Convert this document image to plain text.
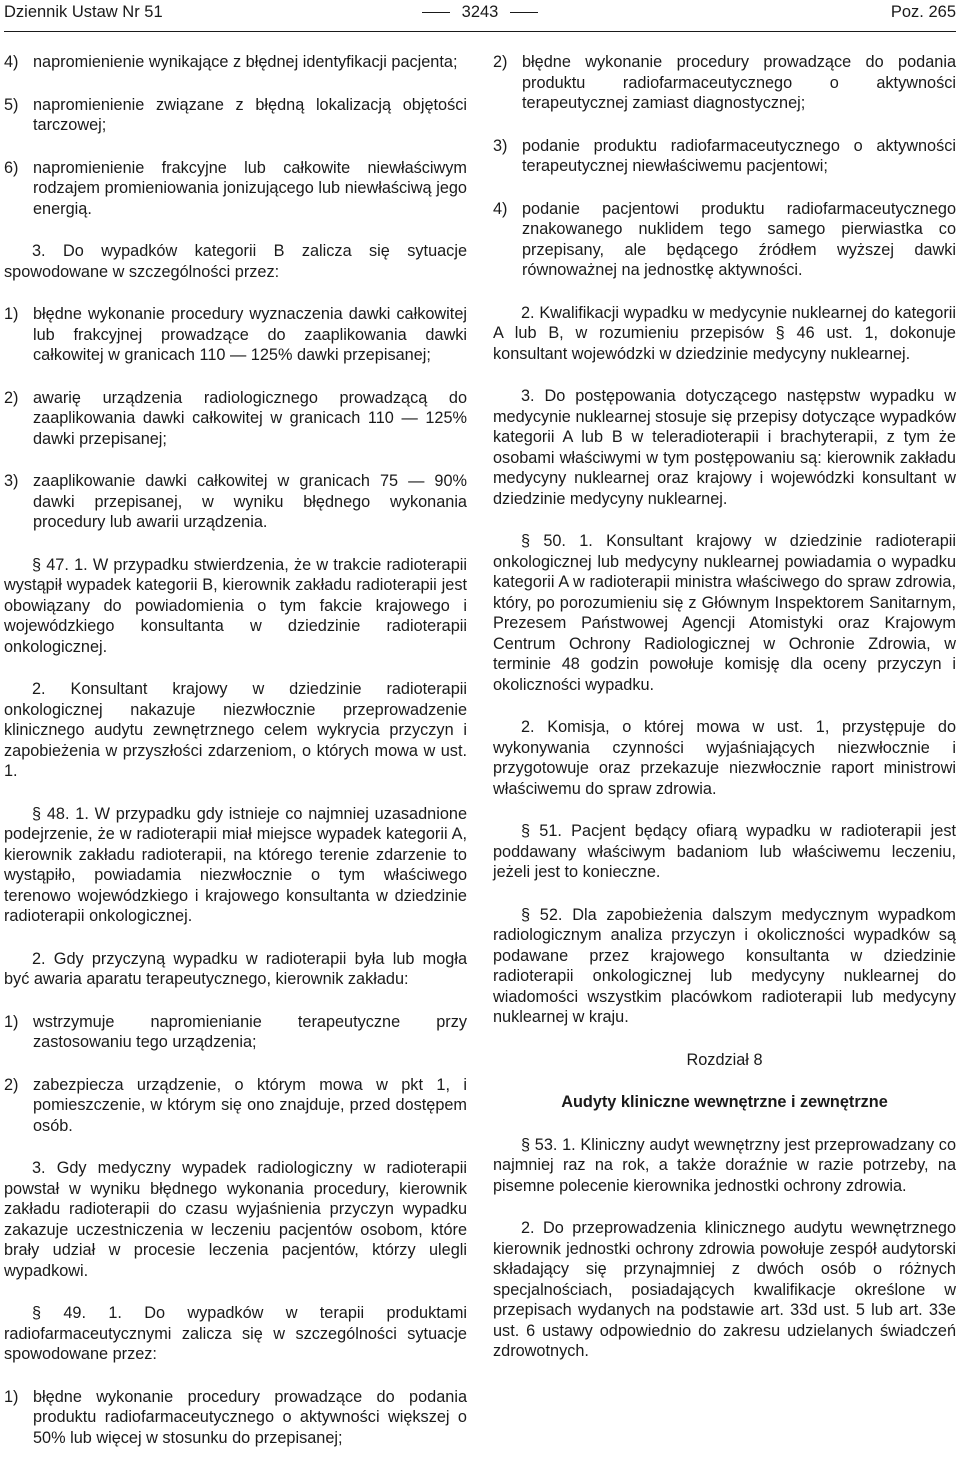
Dziennik Ustaw Nr 51	3243	Poz. 265
4) napromienienie wynikające z błędnej identyfikacji pacjenta;
5) napromienienie związane z błędną lokalizacją objętości tarczowej;
6) napromienienie frakcyjne lub całkowite niewłaściwym rodzajem promieniowania jonizującego lub niewłaściwą jego energią.

3. Do wypadków kategorii B zalicza się sytuacje spowodowane w szczególności przez:

1) błędne wykonanie procedury wyznaczenia dawki całkowitej lub frakcyjnej prowadzące do zaaplikowania dawki całkowitej w granicach 110 — 125% dawki przepisanej;
2) awarię urządzenia radiologicznego prowadzącą do zaaplikowania dawki całkowitej w granicach 110 — 125% dawki przepisanej;
3) zaaplikowanie dawki całkowitej w granicach 75 — 90% dawki przepisanej, w wyniku błędnego wykonania procedury lub awarii urządzenia.

§ 47. 1. W przypadku stwierdzenia, że w trakcie radioterapii wystąpił wypadek kategorii B, kierownik zakładu radioterapii jest obowiązany do powiadomienia o tym fakcie krajowego i wojewódzkiego konsultanta w dziedzinie radioterapii onkologicznej.

2. Konsultant krajowy w dziedzinie radioterapii onkologicznej nakazuje niezwłocznie przeprowadzenie klinicznego audytu zewnętrznego celem wykrycia przyczyn i zapobieżenia w przyszłości zdarzeniom, o których mowa w ust. 1.

§ 48. 1. W przypadku gdy istnieje co najmniej uzasadnione podejrzenie, że w radioterapii miał miejsce wypadek kategorii A, kierownik zakładu radioterapii, na którego terenie zdarzenie to wystąpiło, powiadamia niezwłocznie o tym właściwego terenowo wojewódzkiego i krajowego konsultanta w dziedzinie radioterapii onkologicznej.

2. Gdy przyczyną wypadku w radioterapii była lub mogła być awaria aparatu terapeutycznego, kierownik zakładu:

1) wstrzymuje napromienianie terapeutyczne przy zastosowaniu tego urządzenia;
2) zabezpiecza urządzenie, o którym mowa w pkt 1, i pomieszczenie, w którym się ono znajduje, przed dostępem osób.

3. Gdy medyczny wypadek radiologiczny w radioterapii powstał w wyniku błędnego wykonania procedury, kierownik zakładu radioterapii do czasu wyjaśnienia przyczyn wypadku zakazuje uczestniczenia w leczeniu pacjentów osobom, które brały udział w procesie leczenia pacjentów, którzy ulegli wypadkowi.

§ 49. 1. Do wypadków w terapii produktami radiofarmaceutycznymi zalicza się w szczególności sytuacje spowodowane przez:

1) błędne wykonanie procedury prowadzące do podania produktu radiofarmaceutycznego o aktywności większej o 50% lub więcej w stosunku do przepisanej;
2) błędne wykonanie procedury prowadzące do podania produktu radiofarmaceutycznego o aktywności terapeutycznej zamiast diagnostycznej;
3) podanie produktu radiofarmaceutycznego o aktywności terapeutycznej niewłaściwemu pacjentowi;
4) podanie pacjentowi produktu radiofarmaceutycznego znakowanego nuklidem tego samego pierwiastka co przepisany, ale będącego źródłem wyższej dawki równoważnej na jednostkę aktywności.

2. Kwalifikacji wypadku w medycynie nuklearnej do kategorii A lub B, w rozumieniu przepisów § 46 ust. 1, dokonuje konsultant wojewódzki w dziedzinie medycyny nuklearnej.

3. Do postępowania dotyczącego następstw wypadku w medycynie nuklearnej stosuje się przepisy dotyczące wypadków kategorii A lub B w teleradioterapii i brachyterapii, z tym że osobami właściwymi w tym postępowaniu są: kierownik zakładu medycyny nuklearnej oraz krajowy i wojewódzki konsultant w dziedzinie medycyny nuklearnej.

§ 50. 1. Konsultant krajowy w dziedzinie radioterapii onkologicznej lub medycyny nuklearnej powiadamia o wypadku kategorii A w radioterapii ministra właściwego do spraw zdrowia, który, po porozumieniu się z Głównym Inspektorem Sanitarnym, Prezesem Państwowej Agencji Atomistyki oraz Krajowym Centrum Ochrony Radiologicznej w Ochronie Zdrowia, w terminie 48 godzin powołuje komisję dla oceny przyczyn i okoliczności wypadku.

2. Komisja, o której mowa w ust. 1, przystępuje do wykonywania czynności wyjaśniających niezwłocznie i przygotowuje oraz przekazuje niezwłocznie raport ministrowi właściwemu do spraw zdrowia.

§ 51. Pacjent będący ofiarą wypadku w radioterapii jest poddawany właściwym badaniom lub właściwemu leczeniu, jeżeli jest to konieczne.

§ 52. Dla zapobieżenia dalszym medycznym wypadkom radiologicznym analiza przyczyn i okoliczności wypadków są podawane przez krajowego konsultanta w dziedzinie radioterapii onkologicznej lub medycyny nuklearnej do wiadomości wszystkim placówkom radioterapii lub medycyny nuklearnej w kraju.

Rozdział 8
Audyty kliniczne wewnętrzne i zewnętrzne

§ 53. 1. Kliniczny audyt wewnętrzny jest przeprowadzany co najmniej raz na rok, a także doraźnie w razie potrzeby, na pisemne polecenie kierownika jednostki ochrony zdrowia.

2. Do przeprowadzenia klinicznego audytu wewnętrznego kierownik jednostki ochrony zdrowia powołuje zespół audytorski składający się przynajmniej z dwóch osób o różnych specjalnościach, posiadających kwalifikacje określone w przepisach wydanych na podstawie art. 33d ust. 5 lub art. 33e ust. 6 ustawy odpowiednio do zakresu udzielanych świadczeń zdrowotnych.
